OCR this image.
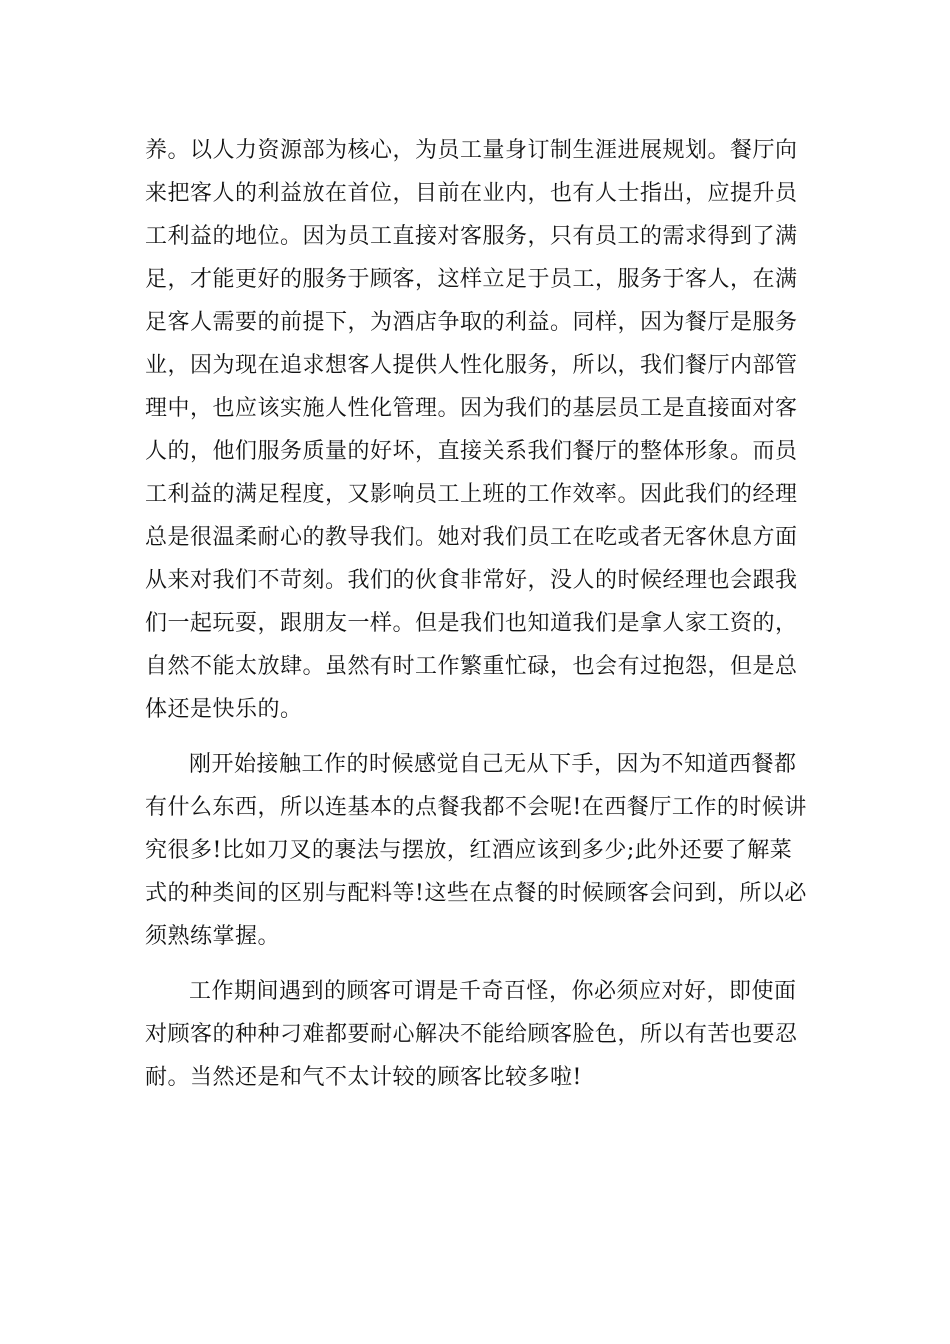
养。以人力资源部为核心，为员工量身订制生涯进展规划。餐厅向
来把客人的利益放在首位，目前在业内，也有人士指出，应提升员
工利益的地位。因为员工直接对客服务，只有员工的需求得到了满
足，才能更好的服务于顾客，这样立足于员工，服务于客人，在满
足客人需要的前提下，为酒店争取的利益。同样，因为餐厅是服务
业，因为现在追求想客人提供人性化服务，所以，我们餐厅内部管
理中，也应该实施人性化管理。因为我们的基层员工是直接面对客
人的，他们服务质量的好坏，直接关系我们餐厅的整体形象。而员
工利益的满足程度，又影响员工上班的工作效率。因此我们的经理
总是很温柔耐心的教导我们。她对我们员工在吃或者无客休息方面
从来对我们不苛刻。我们的伙食非常好，没人的时候经理也会跟我
们一起玩耍，跟朋友一样。但是我们也知道我们是拿人家工资的，
自然不能太放肆。虽然有时工作繁重忙碌，也会有过抱怨，但是总
体还是快乐的。
刚开始接触工作的时候感觉自己无从下手，因为不知道西餐都
有什么东西，所以连基本的点餐我都不会呢!在西餐厅工作的时候讲
究很多!比如刀叉的裹法与摆放，红酒应该到多少;此外还要了解菜
式的种类间的区别与配料等!这些在点餐的时候顾客会问到，所以必
须熟练掌握。
工作期间遇到的顾客可谓是千奇百怪，你必须应对好，即使面
对顾客的种种刁难都要耐心解决不能给顾客脸色，所以有苦也要忍
耐。当然还是和气不太计较的顾客比较多啦!
